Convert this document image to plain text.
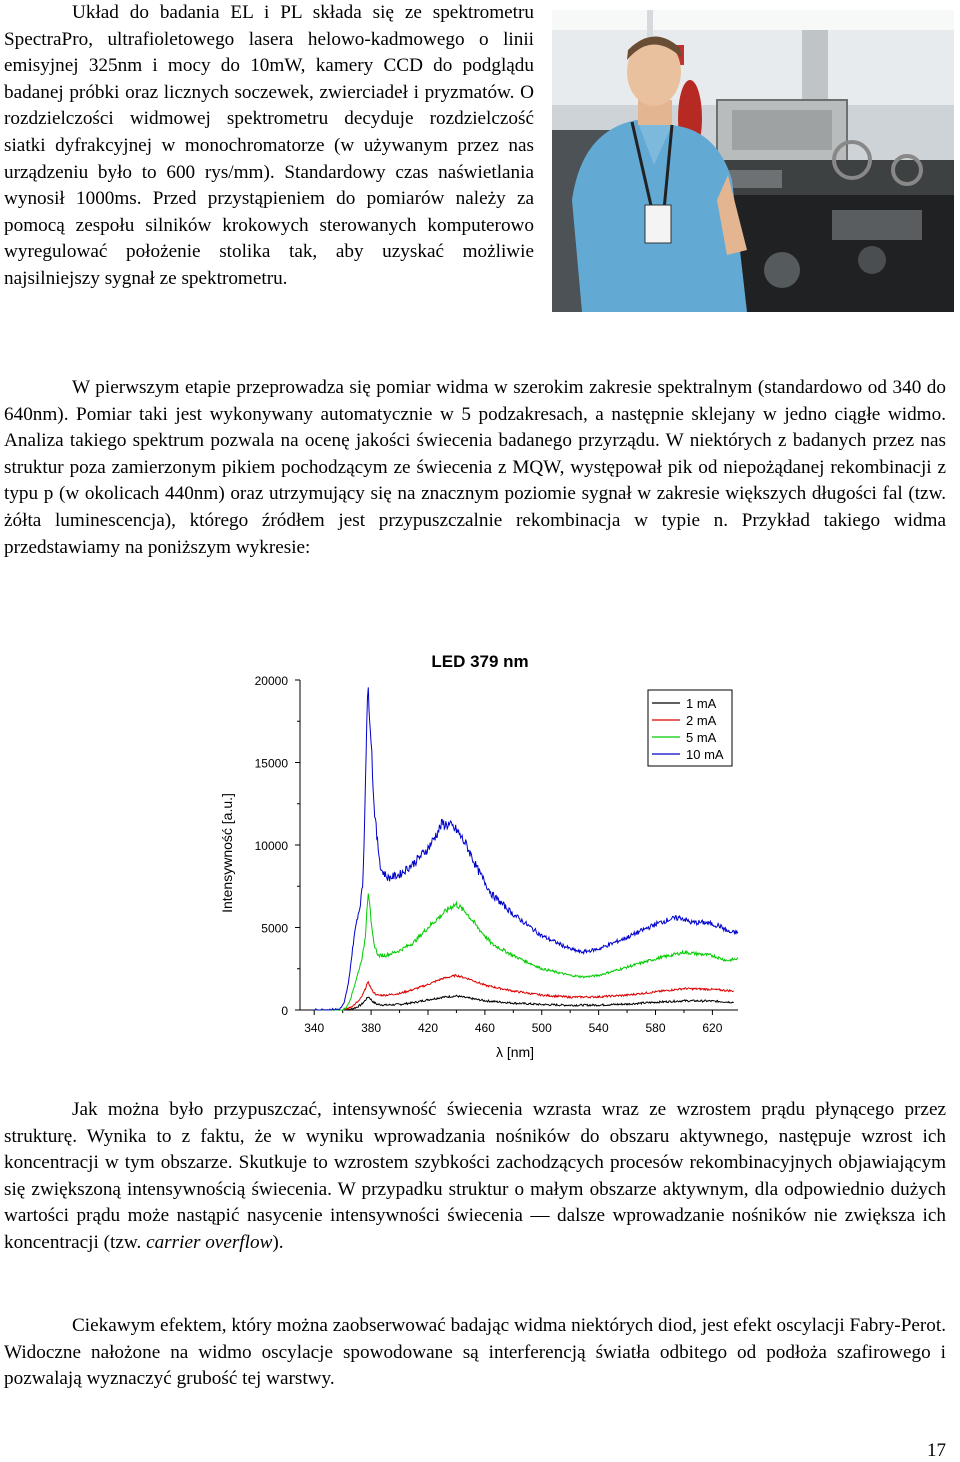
Układ do badania EL i PL składa się ze spektrometru SpectraPro, ultrafioletowego lasera helowo-kadmowego o linii emisyjnej 325nm i mocy do 10mW, kamery CCD do podglądu badanej próbki oraz licznych soczewek, zwierciadeł i pryzmatów. O rozdzielczości widmowej spektrometru decyduje rozdzielczość siatki dyfrakcyjnej w monochromatorze (w używanym przez nas urządzeniu było to 600 rys/mm). Standardowy czas naświetlania wynosił 1000ms. Przed przystąpieniem do pomiarów należy za pomocą zespołu silników krokowych sterowanych komputerowo wyregulować położenie stolika tak, aby uzyskać możliwie najsilniejszy sygnał ze spektrometru.

W pierwszym etapie przeprowadza się pomiar widma w szerokim zakresie spektralnym (standardowo od 340 do 640nm). Pomiar taki jest wykonywany automatycznie w 5 podzakresach, a następnie sklejany w jedno ciągłe widmo. Analiza takiego spektrum pozwala na ocenę jakości świecenia badanego przyrządu. W niektórych z badanych przez nas struktur poza zamierzonym pikiem pochodzącym ze świecenia z MQW, występował pik od niepożądanej rekombinacji z typu p (w okolicach 440nm) oraz utrzymujący się na znacznym poziomie sygnał w zakresie większych długości fal (tzw. żółta luminescencja), którego źródłem jest przypuszczalnie rekombinacja w typie n. Przykład takiego widma przedstawiamy na poniższym wykresie:

LED 379 nm
Intensywność [a.u.]
λ [nm]
0
5000
10000
15000
20000
340	380	420	460	500	540	580	620
1 mA
2 mA
5 mA
10 mA

Jak można było przypuszczać, intensywność świecenia wzrasta wraz ze wzrostem prądu płynącego przez strukturę. Wynika to z faktu, że w wyniku wprowadzania nośników do obszaru aktywnego, następuje wzrost ich koncentracji w tym obszarze. Skutkuje to wzrostem szybkości zachodzących procesów rekombinacyjnych objawiającym się zwiększoną intensywnością świecenia. W przypadku struktur o małym obszarze aktywnym, dla odpowiednio dużych wartości prądu może nastąpić nasycenie intensywności świecenia — dalsze wprowadzanie nośników nie zwiększa ich koncentracji (tzw. carrier overflow).

Ciekawym efektem, który można zaobserwować badając widma niektórych diod, jest efekt oscylacji Fabry-Perot. Widoczne nałożone na widmo oscylacje spowodowane są interferencją światła odbitego od podłoża szafirowego i pozwalają wyznaczyć grubość tej warstwy.

17
